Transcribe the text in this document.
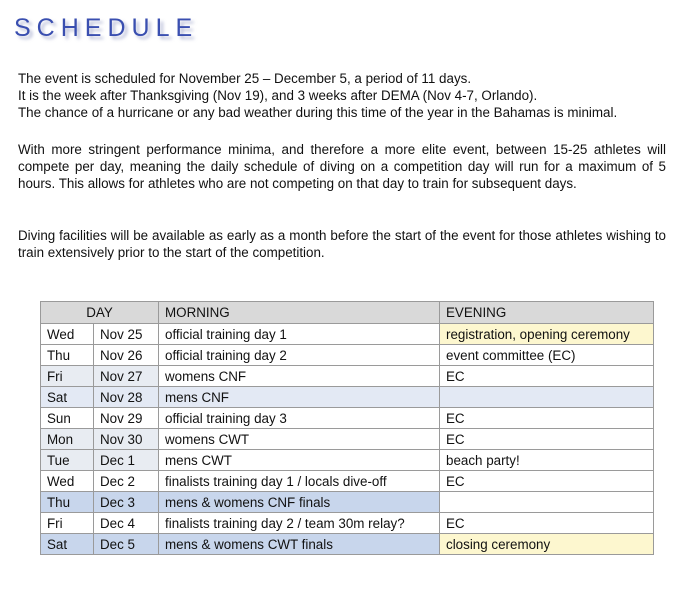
SCHEDULE

The event is scheduled for November 25 – December 5, a period of 11 days.

It is the week after Thanksgiving (Nov 19), and 3 weeks after DEMA (Nov 4-7, Orlando).

The chance of a hurricane or any bad weather during this time of the year in the Bahamas is minimal.

With more stringent performance minima, and therefore a more elite event, between 15-25 athletes will compete per day, meaning the daily schedule of diving on a competition day will run for a maximum of 5 hours. This allows for athletes who are not competing on that day to train for subsequent days.

Diving facilities will be available as early as a month before the start of the event for those athletes wishing to train extensively prior to the start of the competition.

DAY		MORNING	EVENING
Wed	Nov 25	official training day 1	registration, opening ceremony
Thu	Nov 26	official training day 2	event committee (EC)
Fri	Nov 27	womens CNF	EC
Sat	Nov 28	mens CNF	
Sun	Nov 29	official training day 3	EC
Mon	Nov 30	womens CWT	EC
Tue	Dec 1	mens CWT	beach party!
Wed	Dec 2	finalists training day 1 / locals dive-off	EC
Thu	Dec 3	mens & womens CNF finals	
Fri	Dec 4	finalists training day 2 / team 30m relay?	EC
Sat	Dec 5	mens & womens CWT finals	closing ceremony
